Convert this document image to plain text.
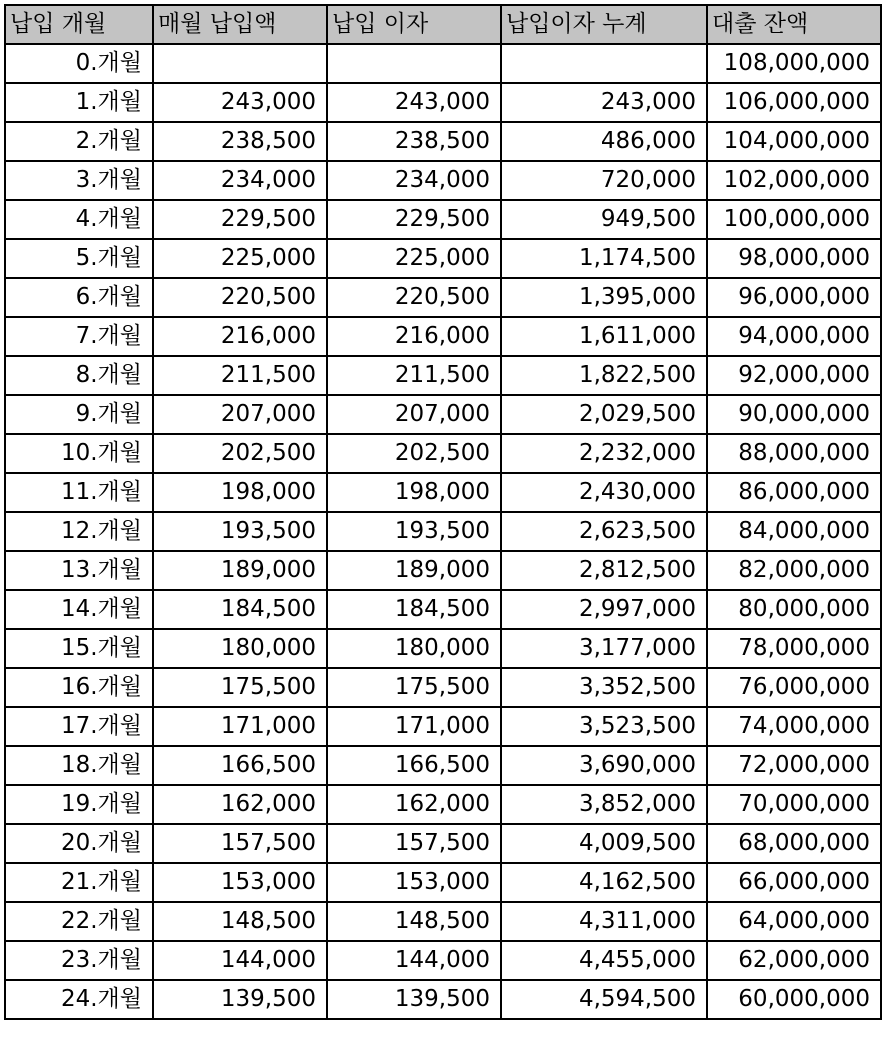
납입 개월	매월 납입액	납입 이자	납입이자 누계	대출 잔액
0.개월				108,000,000
1.개월	243,000	243,000	243,000	106,000,000
2.개월	238,500	238,500	486,000	104,000,000
3.개월	234,000	234,000	720,000	102,000,000
4.개월	229,500	229,500	949,500	100,000,000
5.개월	225,000	225,000	1,174,500	98,000,000
6.개월	220,500	220,500	1,395,000	96,000,000
7.개월	216,000	216,000	1,611,000	94,000,000
8.개월	211,500	211,500	1,822,500	92,000,000
9.개월	207,000	207,000	2,029,500	90,000,000
10.개월	202,500	202,500	2,232,000	88,000,000
11.개월	198,000	198,000	2,430,000	86,000,000
12.개월	193,500	193,500	2,623,500	84,000,000
13.개월	189,000	189,000	2,812,500	82,000,000
14.개월	184,500	184,500	2,997,000	80,000,000
15.개월	180,000	180,000	3,177,000	78,000,000
16.개월	175,500	175,500	3,352,500	76,000,000
17.개월	171,000	171,000	3,523,500	74,000,000
18.개월	166,500	166,500	3,690,000	72,000,000
19.개월	162,000	162,000	3,852,000	70,000,000
20.개월	157,500	157,500	4,009,500	68,000,000
21.개월	153,000	153,000	4,162,500	66,000,000
22.개월	148,500	148,500	4,311,000	64,000,000
23.개월	144,000	144,000	4,455,000	62,000,000
24.개월	139,500	139,500	4,594,500	60,000,000
